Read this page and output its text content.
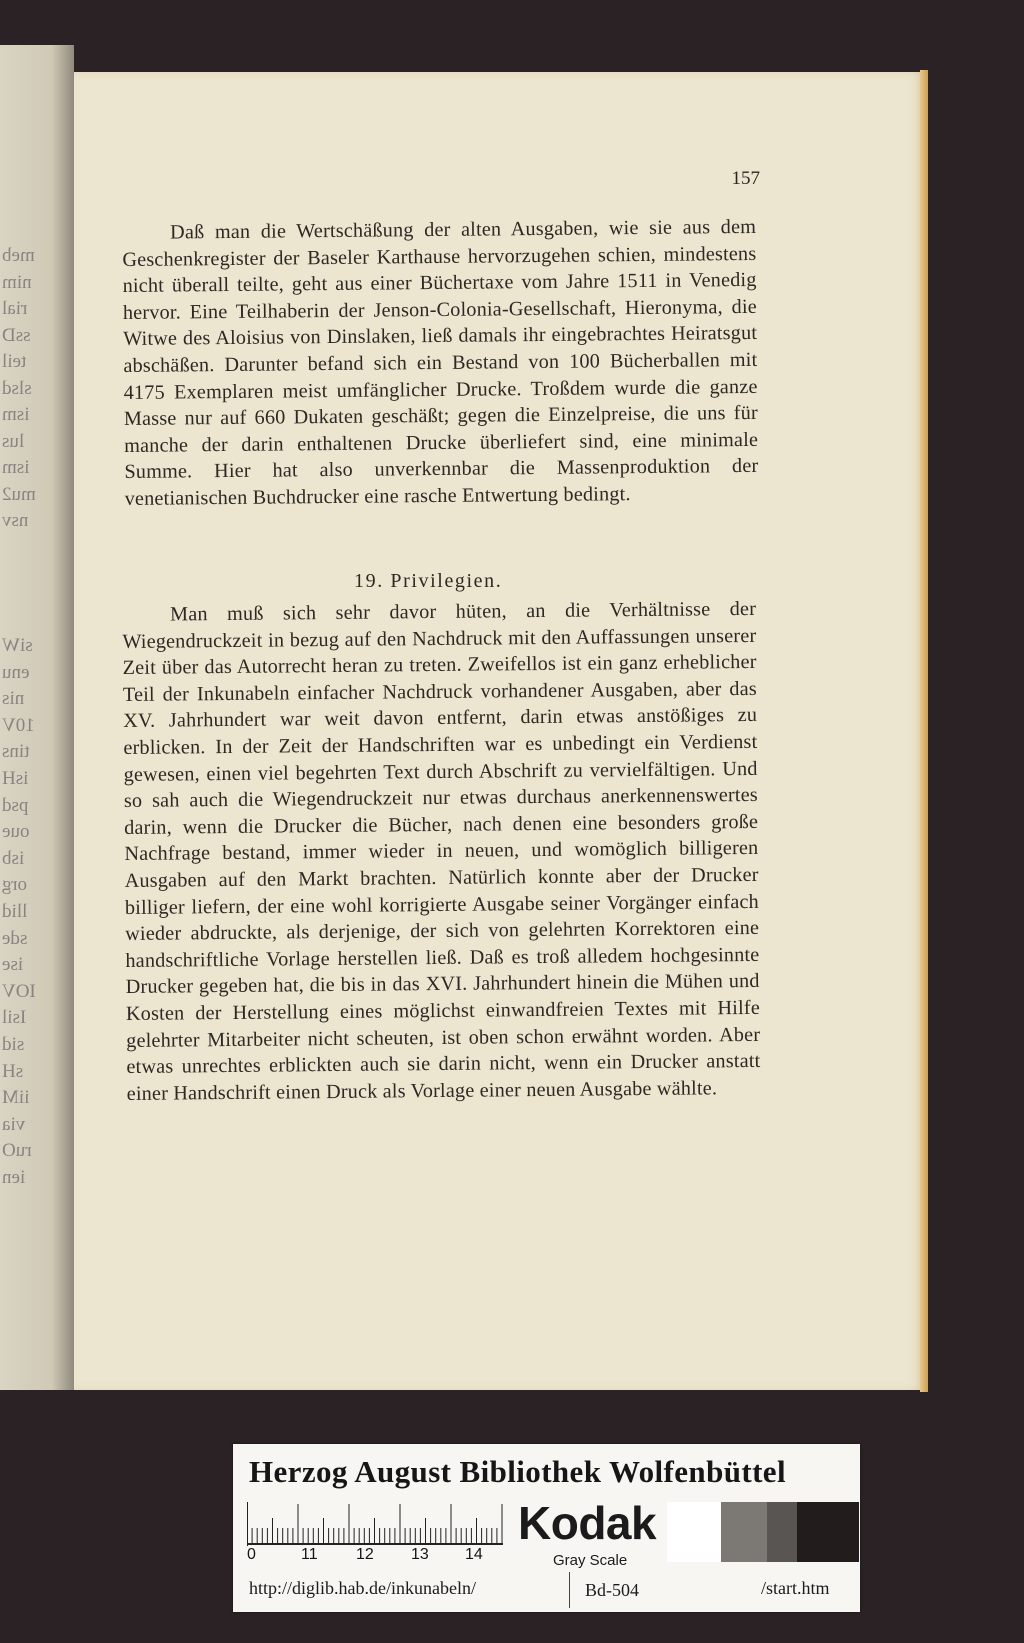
meb
nim
rial
ssD
teil
slsd
ism
lus
ism
mu2
nsv
siW
enu
nis
10V
tins
isH
psd
oue
isb
org
llid
sde
ise
IOV
Isil
sid
sH
iiM
via
ruO
ien
157

Daß man die Wertschäßung der alten Ausgaben, wie sie aus dem Geschenkregister der Baseler Karthause hervorzugehen schien, mindestens nicht überall teilte, geht aus einer Büchertaxe vom Jahre 1511 in Venedig hervor. Eine Teilhaberin der Jenson-Colonia-Gesellschaft, Hieronyma, die Witwe des Aloisius von Dinslaken, ließ damals ihr eingebrachtes Heiratsgut abschäßen. Darunter befand sich ein Bestand von 100 Bücherballen mit 4175 Exemplaren meist umfänglicher Drucke. Troßdem wurde die ganze Masse nur auf 660 Dukaten geschäßt; gegen die Einzelpreise, die uns für manche der darin enthaltenen Drucke überliefert sind, eine minimale Summe. Hier hat also unverkennbar die Massenproduktion der venetianischen Buchdrucker eine rasche Entwertung bedingt.

19. Privilegien.

Man muß sich sehr davor hüten, an die Verhältnisse der Wiegendruckzeit in bezug auf den Nachdruck mit den Auffassungen unserer Zeit über das Autorrecht heran zu treten. Zweifellos ist ein ganz erheblicher Teil der Inkunabeln einfacher Nachdruck vorhandener Ausgaben, aber das XV. Jahrhundert war weit davon entfernt, darin etwas anstößiges zu erblicken. In der Zeit der Handschriften war es unbedingt ein Verdienst gewesen, einen viel begehrten Text durch Abschrift zu vervielfältigen. Und so sah auch die Wiegendruckzeit nur etwas durchaus anerkennenswertes darin, wenn die Drucker die Bücher, nach denen eine besonders große Nachfrage bestand, immer wieder in neuen, und womöglich billigeren Ausgaben auf den Markt brachten. Natürlich konnte aber der Drucker billiger liefern, der eine wohl korrigierte Ausgabe seiner Vorgänger einfach wieder abdruckte, als derjenige, der sich von gelehrten Korrektoren eine handschriftliche Vorlage herstellen ließ. Daß es troß alledem hochgesinnte Drucker gegeben hat, die bis in das XVI. Jahrhundert hinein die Mühen und Kosten der Herstellung eines möglichst einwandfreien Textes mit Hilfe gelehrter Mitarbeiter nicht scheuten, ist oben schon erwähnt worden. Aber etwas unrechtes erblickten auch sie darin nicht, wenn ein Drucker anstatt einer Handschrift einen Druck als Vorlage einer neuen Ausgabe wählte.

Herzog August Bibliothek Wolfenbüttel
0	11 12 13 14
Kodak
Gray Scale
http://diglib.hab.de/inkunabeln/	Bd-504	/start.htm
